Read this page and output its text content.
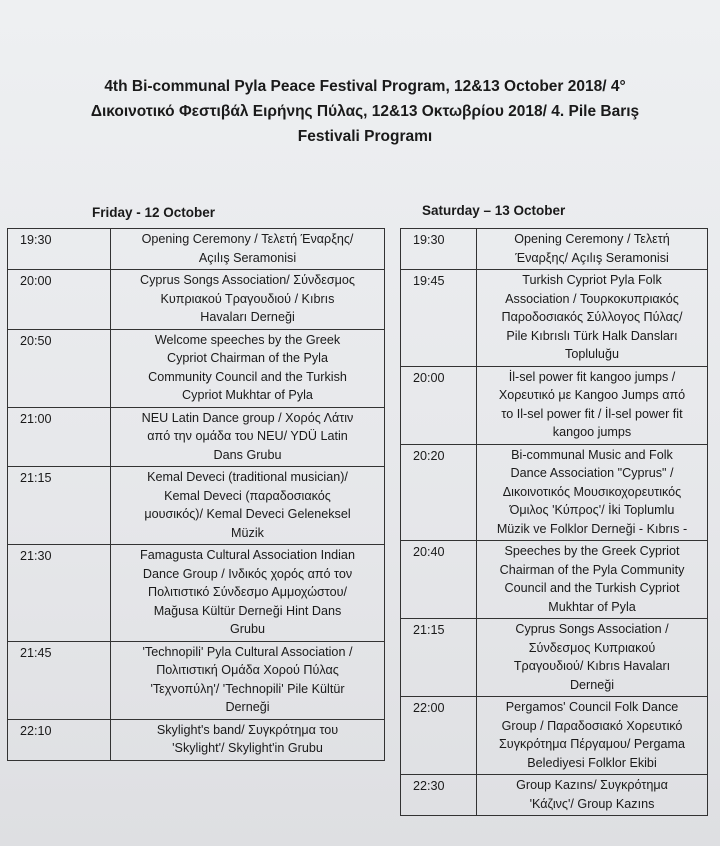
4th Bi-communal Pyla Peace Festival Program, 12&13 October 2018/ 4°
Δικοινοτικό Φεστιβάλ Ειρήνης Πύλας, 12&13 Οκτωβρίου 2018/ 4. Pile Barış
Festivali Programı
Friday - 12 October	Saturday – 13 October
19:30	Opening Ceremony / Τελετή Έναρξης/
Açılış Seramonisi

20:00	Cyprus Songs Association/ Σύνδεσμος
Κυπριακού Τραγουδιού / Kıbrıs
Havaları Derneği

20:50	Welcome speeches by the Greek
Cypriot Chairman of the Pyla
Community Council and the Turkish
Cypriot Mukhtar of Pyla

21:00	NEU Latin Dance group / Χορός Λάτιν
από την ομάδα του NEU/ YDÜ Latin
Dans Grubu

21:15	Kemal Deveci (traditional musician)/
Kemal Deveci (παραδοσιακός
μουσικός)/ Kemal Deveci Geleneksel
Müzik

21:30	Famagusta Cultural Association Indian
Dance Group / Ινδικός χορός από τον
Πολιτιστικό Σύνδεσμο Αμμοχώστου/
Mağusa Kültür Derneği Hint Dans
Grubu

21:45	'Technopili' Pyla Cultural Association /
Πολιτιστική Ομάδα Χορού Πύλας
'Τεχνοπύλη'/ 'Technopili' Pile Kültür
Derneği

22:10	Skylight's band/ Συγκρότημα του
'Skylight'/ Skylight'in Grubu
19:30	Opening Ceremony / Τελετή
Έναρξης/ Açılış Seramonisi

19:45	Turkish Cypriot Pyla Folk
Association / Τουρκοκυπριακός
Παροδοσιακός Σύλλογος Πύλας/
Pile Kıbrıslı Türk Halk Dansları
Topluluğu

20:00	İl-sel power fit kangoo jumps /
Χορευτικό με Kangoo Jumps από
το Il-sel power fit / İl-sel power fit
kangoo jumps

20:20	Bi-communal Music and Folk
Dance Association "Cyprus" /
Δικοινοτικός Μουσικοχορευτικός
Όμιλος 'Κύπρος'/ İki Toplumlu
Müzik ve Folklor Derneği - Kıbrıs -

20:40	Speeches by the Greek Cypriot
Chairman of the Pyla Community
Council and the Turkish Cypriot
Mukhtar of Pyla

21:15	Cyprus Songs Association /
Σύνδεσμος Κυπριακού
Τραγουδιού/ Kıbrıs Havaları
Derneği

22:00	Pergamos' Council Folk Dance
Group / Παραδοσιακό Χορευτικό
Συγκρότημα Πέργαμου/ Pergama
Belediyesi Folklor Ekibi

22:30	Group Kazıns/ Συγκρότημα
'Κάζινς'/ Group Kazıns
